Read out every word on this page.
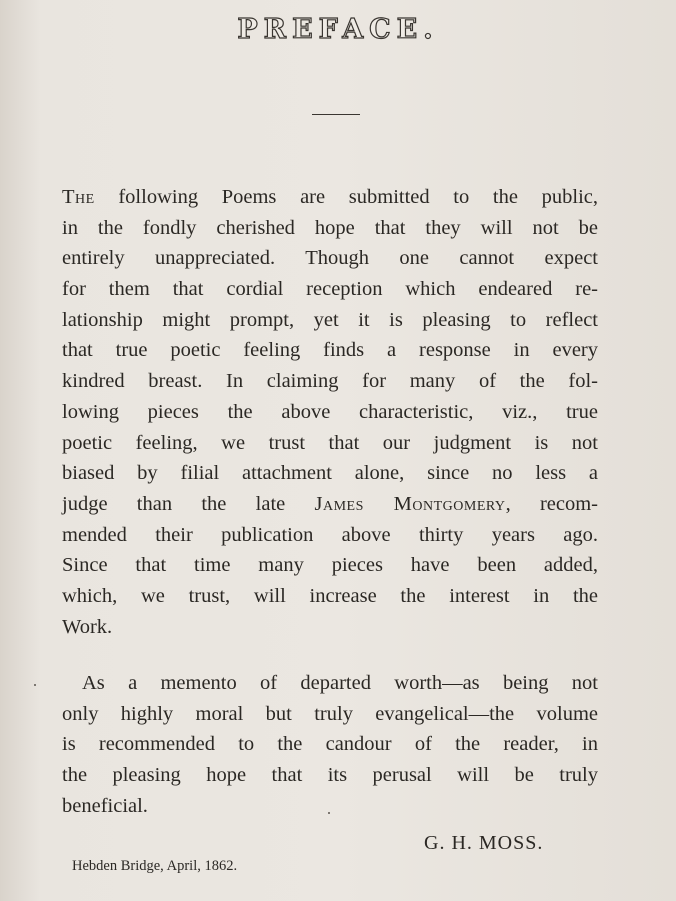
PREFACE.
The following Poems are submitted to the public,
in the fondly cherished hope that they will not be
entirely unappreciated. Though one cannot expect
for them that cordial reception which endeared re-
lationship might prompt, yet it is pleasing to reflect
that true poetic feeling finds a response in every
kindred breast. In claiming for many of the fol-
lowing pieces the above characteristic, viz., true
poetic feeling, we trust that our judgment is not
biased by filial attachment alone, since no less a
judge than the late James Montgomery, recom-
mended their publication above thirty years ago.
Since that time many pieces have been added,
which, we trust, will increase the interest in the
Work.
As a memento of departed worth—as being not
only highly moral but truly evangelical—the volume
is recommended to the candour of the reader, in
the pleasing hope that its perusal will be truly
beneficial.
G. H. MOSS.
Hebden Bridge, April, 1862.
